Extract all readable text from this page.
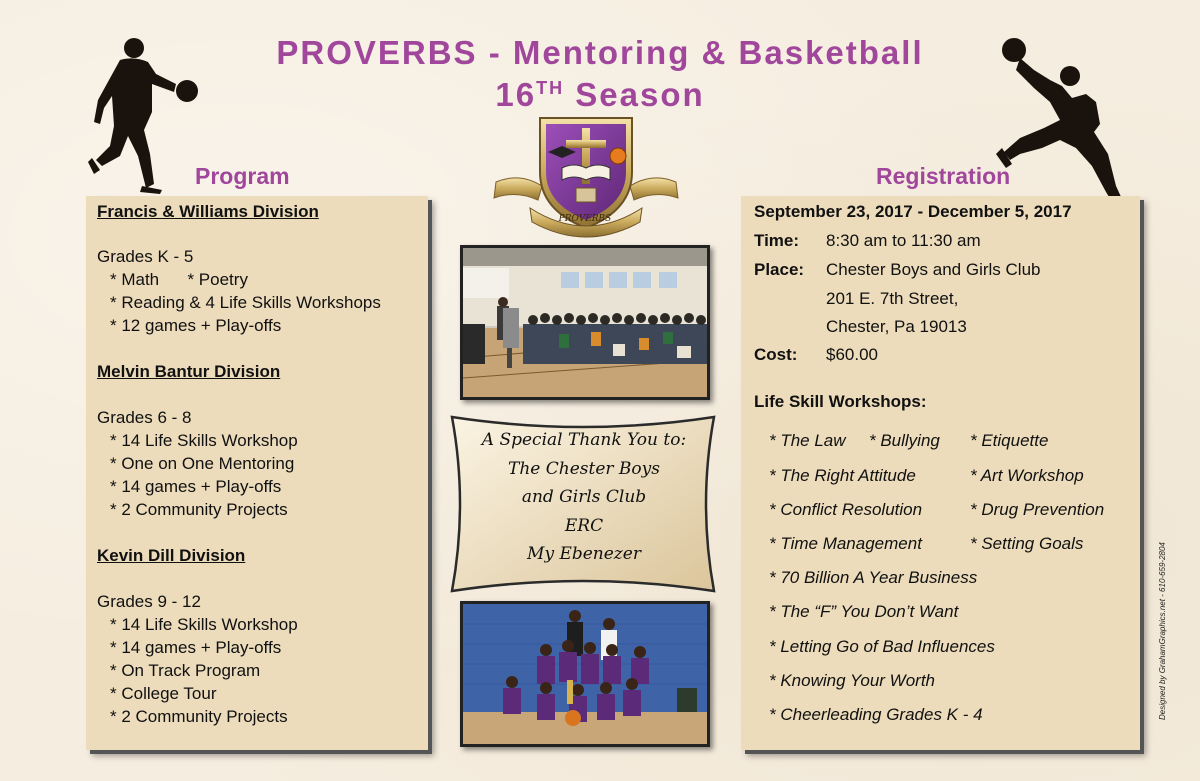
PROVERBS - Mentoring & Basketball
16TH Season
Program	Registration
Francis & Williams Division
Grades K - 5
* Math      * Poetry
* Reading & 4 Life Skills Workshops
* 12 games + Play-offs
Melvin Bantur Division
Grades 6 - 8
* 14 Life Skills Workshop
* One on One Mentoring
* 14 games + Play-offs
* 2 Community Projects
Kevin Dill Division
Grades 9 - 12
* 14 Life Skills Workshop
* 14 games + Play-offs
* On Track Program
* College Tour
* 2 Community Projects
PROVERBS
A Special Thank You to:
The Chester Boys
and Girls Club
ERC
My Ebenezer
September 23, 2017 - December 5, 2017
Time: 8:30 am to 11:30 am
Place: Chester Boys and Girls Club
201 E. 7th Street,
Chester, Pa 19013
Cost: $60.00
Life Skill Workshops:
* The Law * Bullying * Etiquette
* The Right Attitude	* Art Workshop
* Conflict Resolution	* Drug Prevention
* Time Management	* Setting Goals
* 70 Billion A Year Business
* The “F” You Don’t Want
* Letting Go of Bad Influences
* Knowing Your Worth
* Cheerleading Grades K - 4	Designed by GrahamGraphics.net - 610-659-2804
